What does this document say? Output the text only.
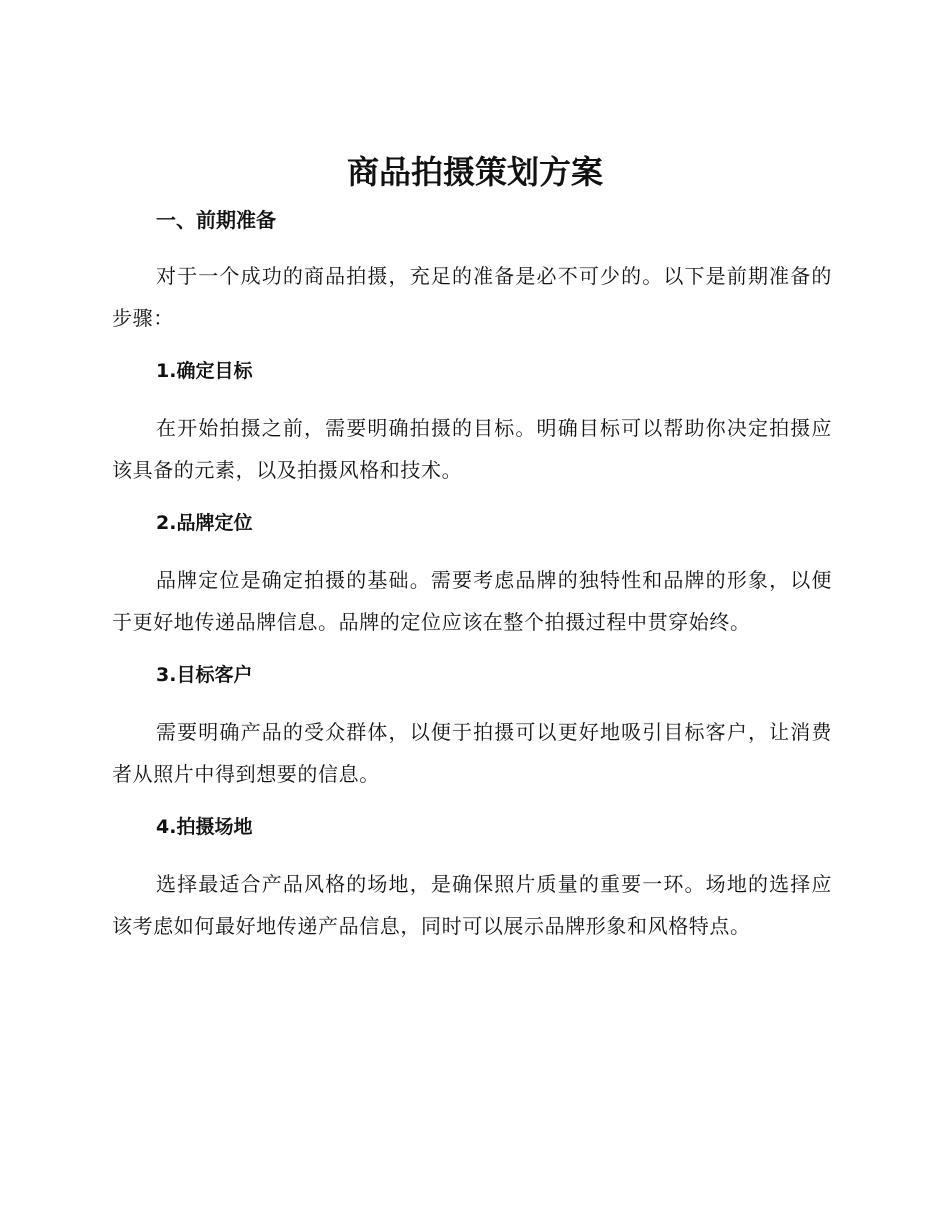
商品拍摄策划方案
一、前期准备

对于一个成功的商品拍摄，充足的准备是必不可少的。以下是前期准备的步骤：

1.确定目标

在开始拍摄之前，需要明确拍摄的目标。明确目标可以帮助你决定拍摄应该具备的元素，以及拍摄风格和技术。

2.品牌定位

品牌定位是确定拍摄的基础。需要考虑品牌的独特性和品牌的形象，以便于更好地传递品牌信息。品牌的定位应该在整个拍摄过程中贯穿始终。

3.目标客户

需要明确产品的受众群体，以便于拍摄可以更好地吸引目标客户，让消费者从照片中得到想要的信息。

4.拍摄场地

选择最适合产品风格的场地，是确保照片质量的重要一环。场地的选择应该考虑如何最好地传递产品信息，同时可以展示品牌形象和风格特点。
